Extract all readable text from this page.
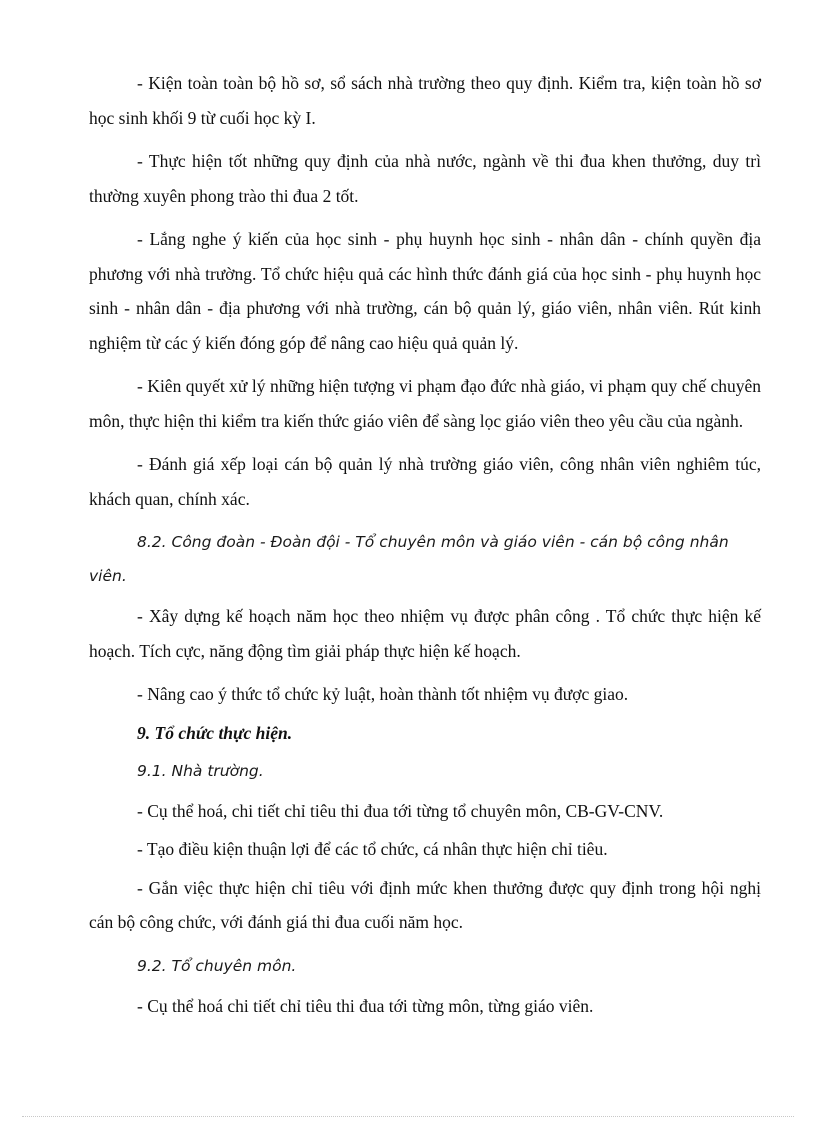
- Kiện toàn toàn bộ hồ sơ, sổ sách nhà trường theo quy định. Kiểm tra, kiện toàn hồ sơ học sinh khối 9 từ cuối học kỳ I.

- Thực hiện tốt những quy định của nhà nước, ngành về thi đua khen thưởng, duy trì thường xuyên phong trào thi đua 2 tốt.

- Lắng nghe ý kiến của học sinh - phụ huynh học sinh - nhân dân - chính quyền địa phương với nhà trường. Tổ chức hiệu quả các hình thức đánh giá của học sinh - phụ huynh học sinh - nhân dân - địa phương với nhà trường, cán bộ quản lý, giáo viên, nhân viên. Rút kinh nghiệm từ các ý kiến đóng góp để nâng cao hiệu quả quản lý.

- Kiên quyết xử lý những hiện tượng vi phạm đạo đức nhà giáo, vi phạm quy chế chuyên môn, thực hiện thi kiểm tra kiến thức giáo viên để sàng lọc giáo viên theo yêu cầu của ngành.

- Đánh giá xếp loại cán bộ quản lý nhà trường giáo viên, công nhân viên nghiêm túc, khách quan, chính xác.

8.2. Công đoàn - Đoàn đội - Tổ chuyên môn và giáo viên - cán bộ công nhân viên.

- Xây dựng kế hoạch năm học theo nhiệm vụ được phân công . Tổ chức thực hiện kế hoạch. Tích cực, năng động tìm giải pháp thực hiện kế hoạch.

- Nâng cao ý thức tổ chức kỷ luật, hoàn thành tốt nhiệm vụ được giao.

9. Tổ chức thực hiện.

9.1. Nhà trường.

- Cụ thể hoá, chi tiết chỉ tiêu thi đua tới từng tổ chuyên môn, CB-GV-CNV.

- Tạo điều kiện thuận lợi để các tổ chức, cá nhân thực hiện chỉ tiêu.

- Gắn việc thực hiện chỉ tiêu với định mức khen thưởng được quy định trong hội nghị cán bộ công chức, với đánh giá thi đua cuối năm học.

9.2. Tổ chuyên môn.

- Cụ thể hoá chi tiết chỉ tiêu thi đua tới từng môn, từng giáo viên.
